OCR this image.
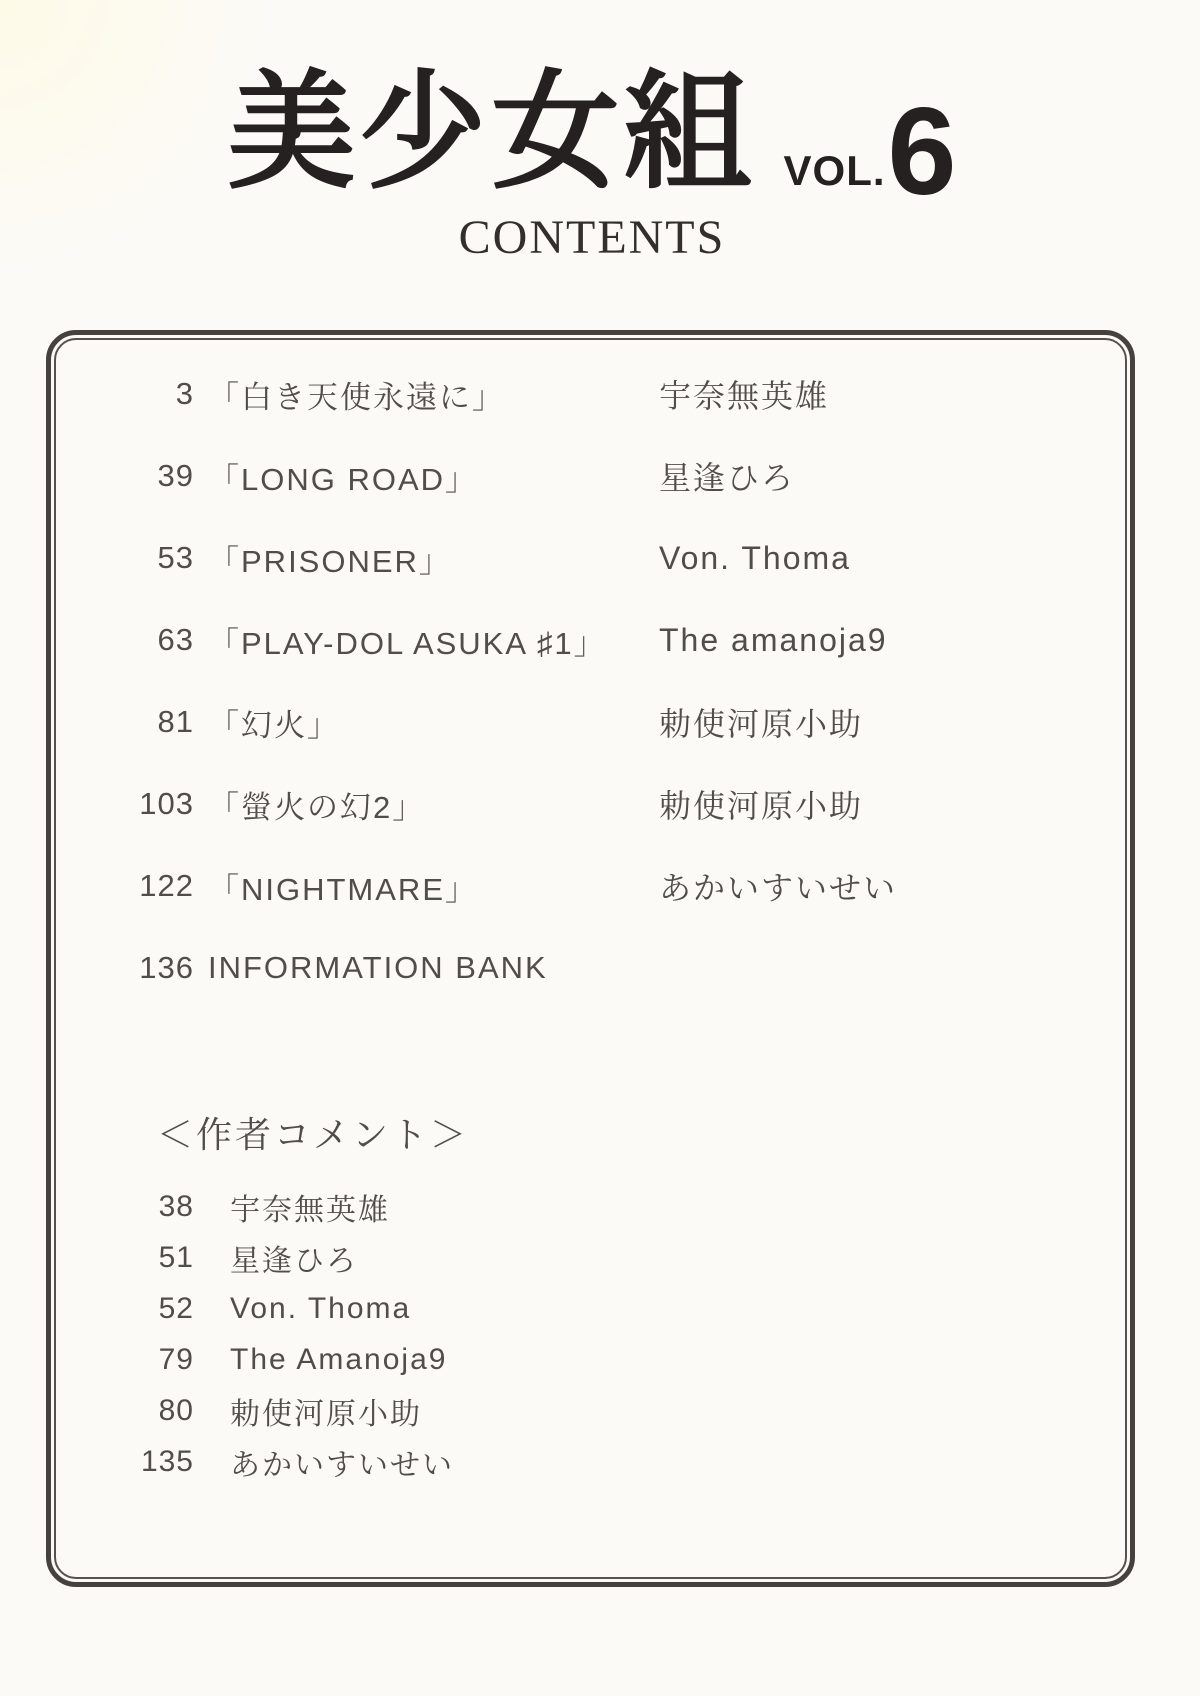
美少女組 VOL. 6
CONTENTS
3 「白き天使永遠に」	宇奈無英雄
39 「LONG ROAD」	星逢ひろ
53 「PRISONER」	Von. Thoma
63 「PLAY-DOL ASUKA ♯1」 The amanoja9
81 「幻火」	勅使河原小助
103 「螢火の幻2」	勅使河原小助
122 「NIGHTMARE」	あかいすいせい
136 INFORMATION BANK
＜作者コメント＞
38 宇奈無英雄
51 星逢ひろ
52 Von. Thoma
79 The Amanoja9
80 勅使河原小助
135 あかいすいせい
